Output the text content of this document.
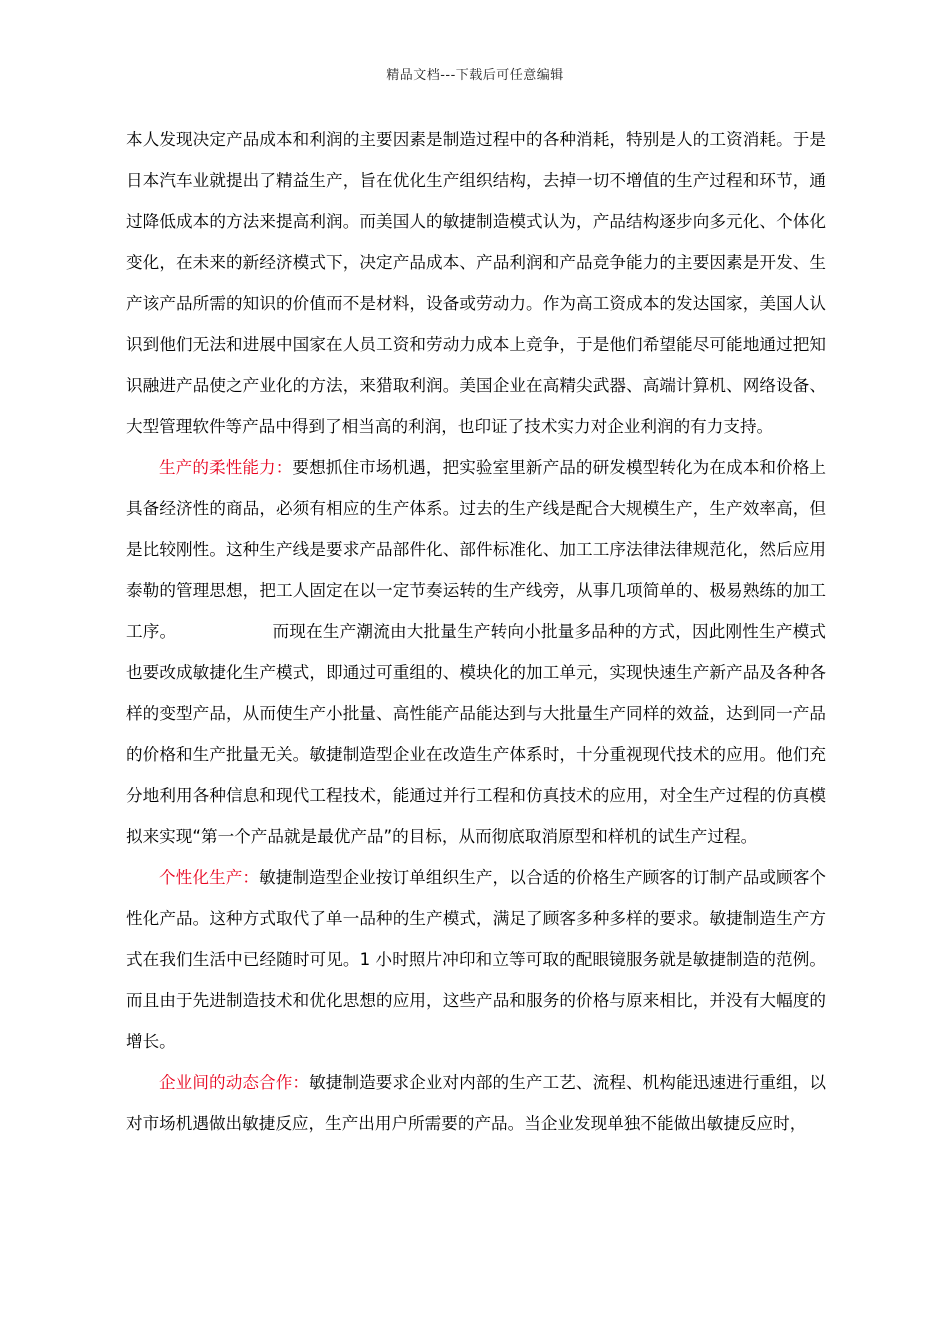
精品文档---下载后可任意编辑

本人发现决定产品成本和利润的主要因素是制造过程中的各种消耗，特别是人的工资消耗。于是日本汽车业就提出了精益生产，旨在优化生产组织结构，去掉一切不增值的生产过程和环节，通过降低成本的方法来提高利润。而美国人的敏捷制造模式认为，产品结构逐步向多元化、个体化变化，在未来的新经济模式下，决定产品成本、产品利润和产品竞争能力的主要因素是开发、生产该产品所需的知识的价值而不是材料，设备或劳动力。作为高工资成本的发达国家，美国人认识到他们无法和进展中国家在人员工资和劳动力成本上竞争，于是他们希望能尽可能地通过把知识融进产品使之产业化的方法，来猎取利润。美国企业在高精尖武器、高端计算机、网络设备、大型管理软件等产品中得到了相当高的利润，也印证了技术实力对企业利润的有力支持。

生产的柔性能力：要想抓住市场机遇，把实验室里新产品的研发模型转化为在成本和价格上具备经济性的商品，必须有相应的生产体系。过去的生产线是配合大规模生产，生产效率高，但是比较刚性。这种生产线是要求产品部件化、部件标准化、加工工序法律法律规范化，然后应用泰勒的管理思想，把工人固定在以一定节奏运转的生产线旁，从事几项简单的、极易熟练的加工工序。	而现在生产潮流由大批量生产转向小批量多品种的方式，因此刚性生产模式也要改成敏捷化生产模式，即通过可重组的、模块化的加工单元，实现快速生产新产品及各种各样的变型产品，从而使生产小批量、高性能产品能达到与大批量生产同样的效益，达到同一产品的价格和生产批量无关。敏捷制造型企业在改造生产体系时，十分重视现代技术的应用。他们充分地利用各种信息和现代工程技术，能通过并行工程和仿真技术的应用，对全生产过程的仿真模拟来实现“第一个产品就是最优产品”的目标，从而彻底取消原型和样机的试生产过程。

个性化生产：敏捷制造型企业按订单组织生产，以合适的价格生产顾客的订制产品或顾客个性化产品。这种方式取代了单一品种的生产模式，满足了顾客多种多样的要求。敏捷制造生产方式在我们生活中已经随时可见。1 小时照片冲印和立等可取的配眼镜服务就是敏捷制造的范例。而且由于先进制造技术和优化思想的应用，这些产品和服务的价格与原来相比，并没有大幅度的增长。

企业间的动态合作：敏捷制造要求企业对内部的生产工艺、流程、机构能迅速进行重组，以对市场机遇做出敏捷反应，生产出用户所需要的产品。当企业发现单独不能做出敏捷反应时，
